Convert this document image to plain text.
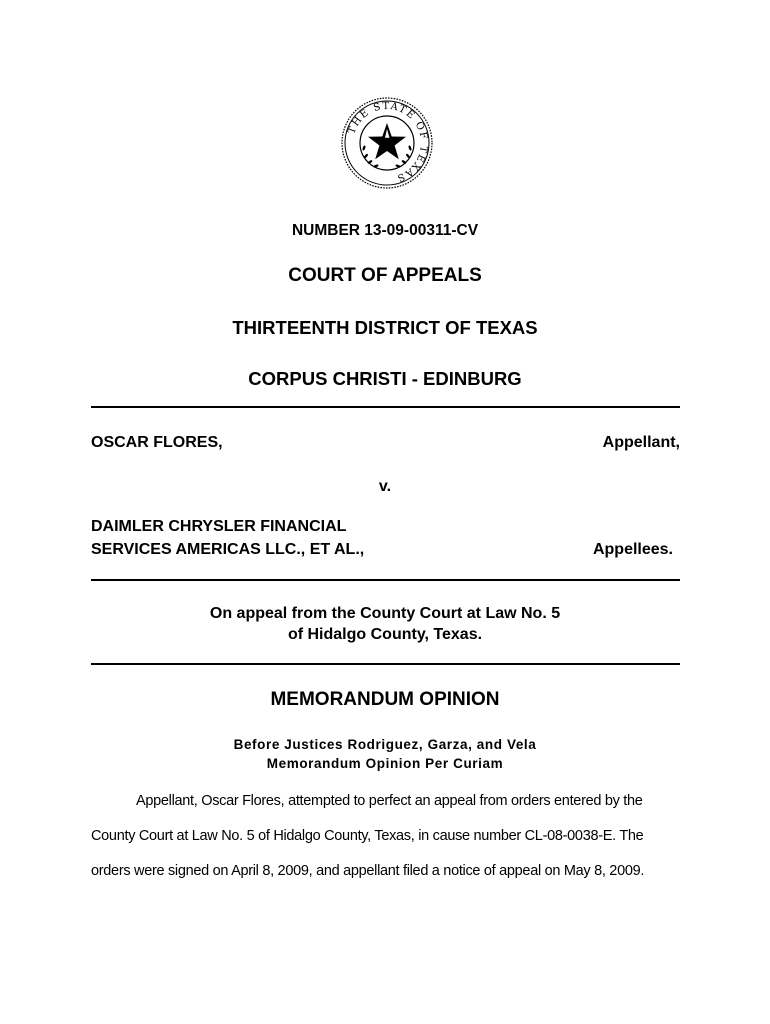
THE STATE OF TEXAS
NUMBER 13-09-00311-CV
COURT OF APPEALS
THIRTEENTH DISTRICT OF TEXAS
CORPUS CHRISTI - EDINBURG
OSCAR FLORES,	Appellant,
v.
DAIMLER CHRYSLER FINANCIAL
SERVICES AMERICAS LLC., ET AL.,	Appellees.
On appeal from the County Court at Law No. 5
of Hidalgo County, Texas.
MEMORANDUM OPINION
Before Justices Rodriguez, Garza, and Vela
Memorandum Opinion Per Curiam
Appellant, Oscar Flores, attempted to perfect an appeal from orders entered by the
County Court at Law No. 5 of Hidalgo County, Texas, in cause number CL-08-0038-E. The
orders were signed on April 8, 2009, and appellant filed a notice of appeal on May 8, 2009.
